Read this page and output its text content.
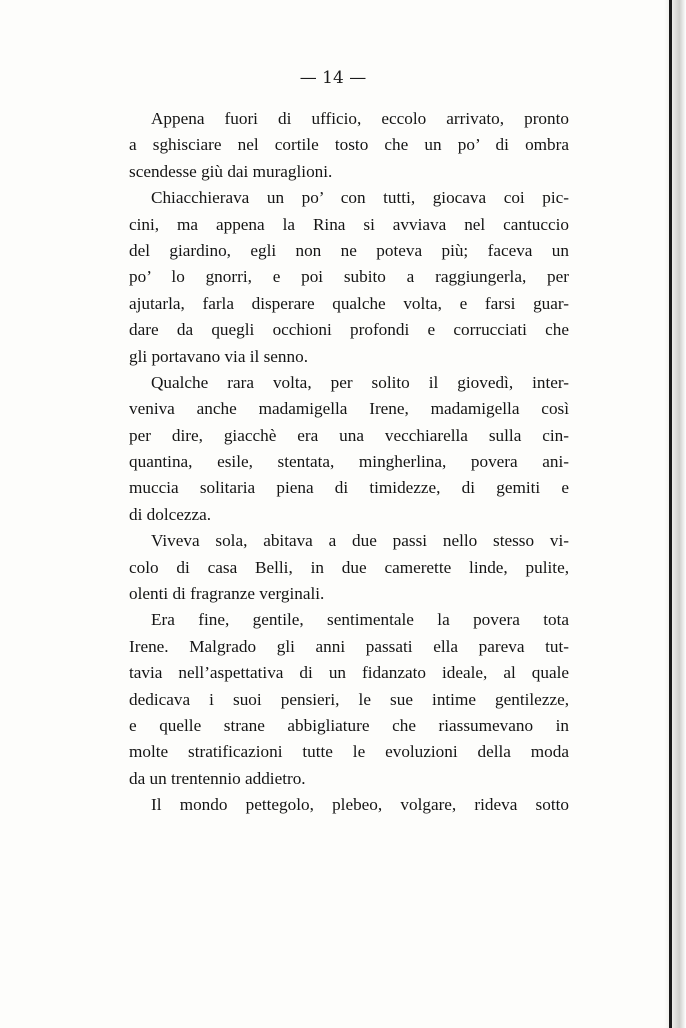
— 14 —
Appena fuori di ufficio, eccolo arrivato, pronto
a sghisciare nel cortile tosto che un po’ di ombra
scendesse giù dai muraglioni.
Chiacchierava un po’ con tutti, giocava coi pic-
cini, ma appena la Rina si avviava nel cantuccio
del giardino, egli non ne poteva più; faceva un
po’ lo gnorri, e poi subito a raggiungerla, per
ajutarla, farla disperare qualche volta, e farsi guar-
dare da quegli occhioni profondi e corrucciati che
gli portavano via il senno.
Qualche rara volta, per solito il giovedì, inter-
veniva anche madamigella Irene, madamigella così
per dire, giacchè era una vecchiarella sulla cin-
quantina, esile, stentata, mingherlina, povera ani-
muccia solitaria piena di timidezze, di gemiti e
di dolcezza.
Viveva sola, abitava a due passi nello stesso vi-
colo di casa Belli, in due camerette linde, pulite,
olenti di fragranze verginali.
Era fine, gentile, sentimentale la povera tota
Irene. Malgrado gli anni passati ella pareva tut-
tavia nell’aspettativa di un fidanzato ideale, al quale
dedicava i suoi pensieri, le sue intime gentilezze,
e quelle strane abbigliature che riassumevano in
molte stratificazioni tutte le evoluzioni della moda
da un trentennio addietro.
Il mondo pettegolo, plebeo, volgare, rideva sotto
